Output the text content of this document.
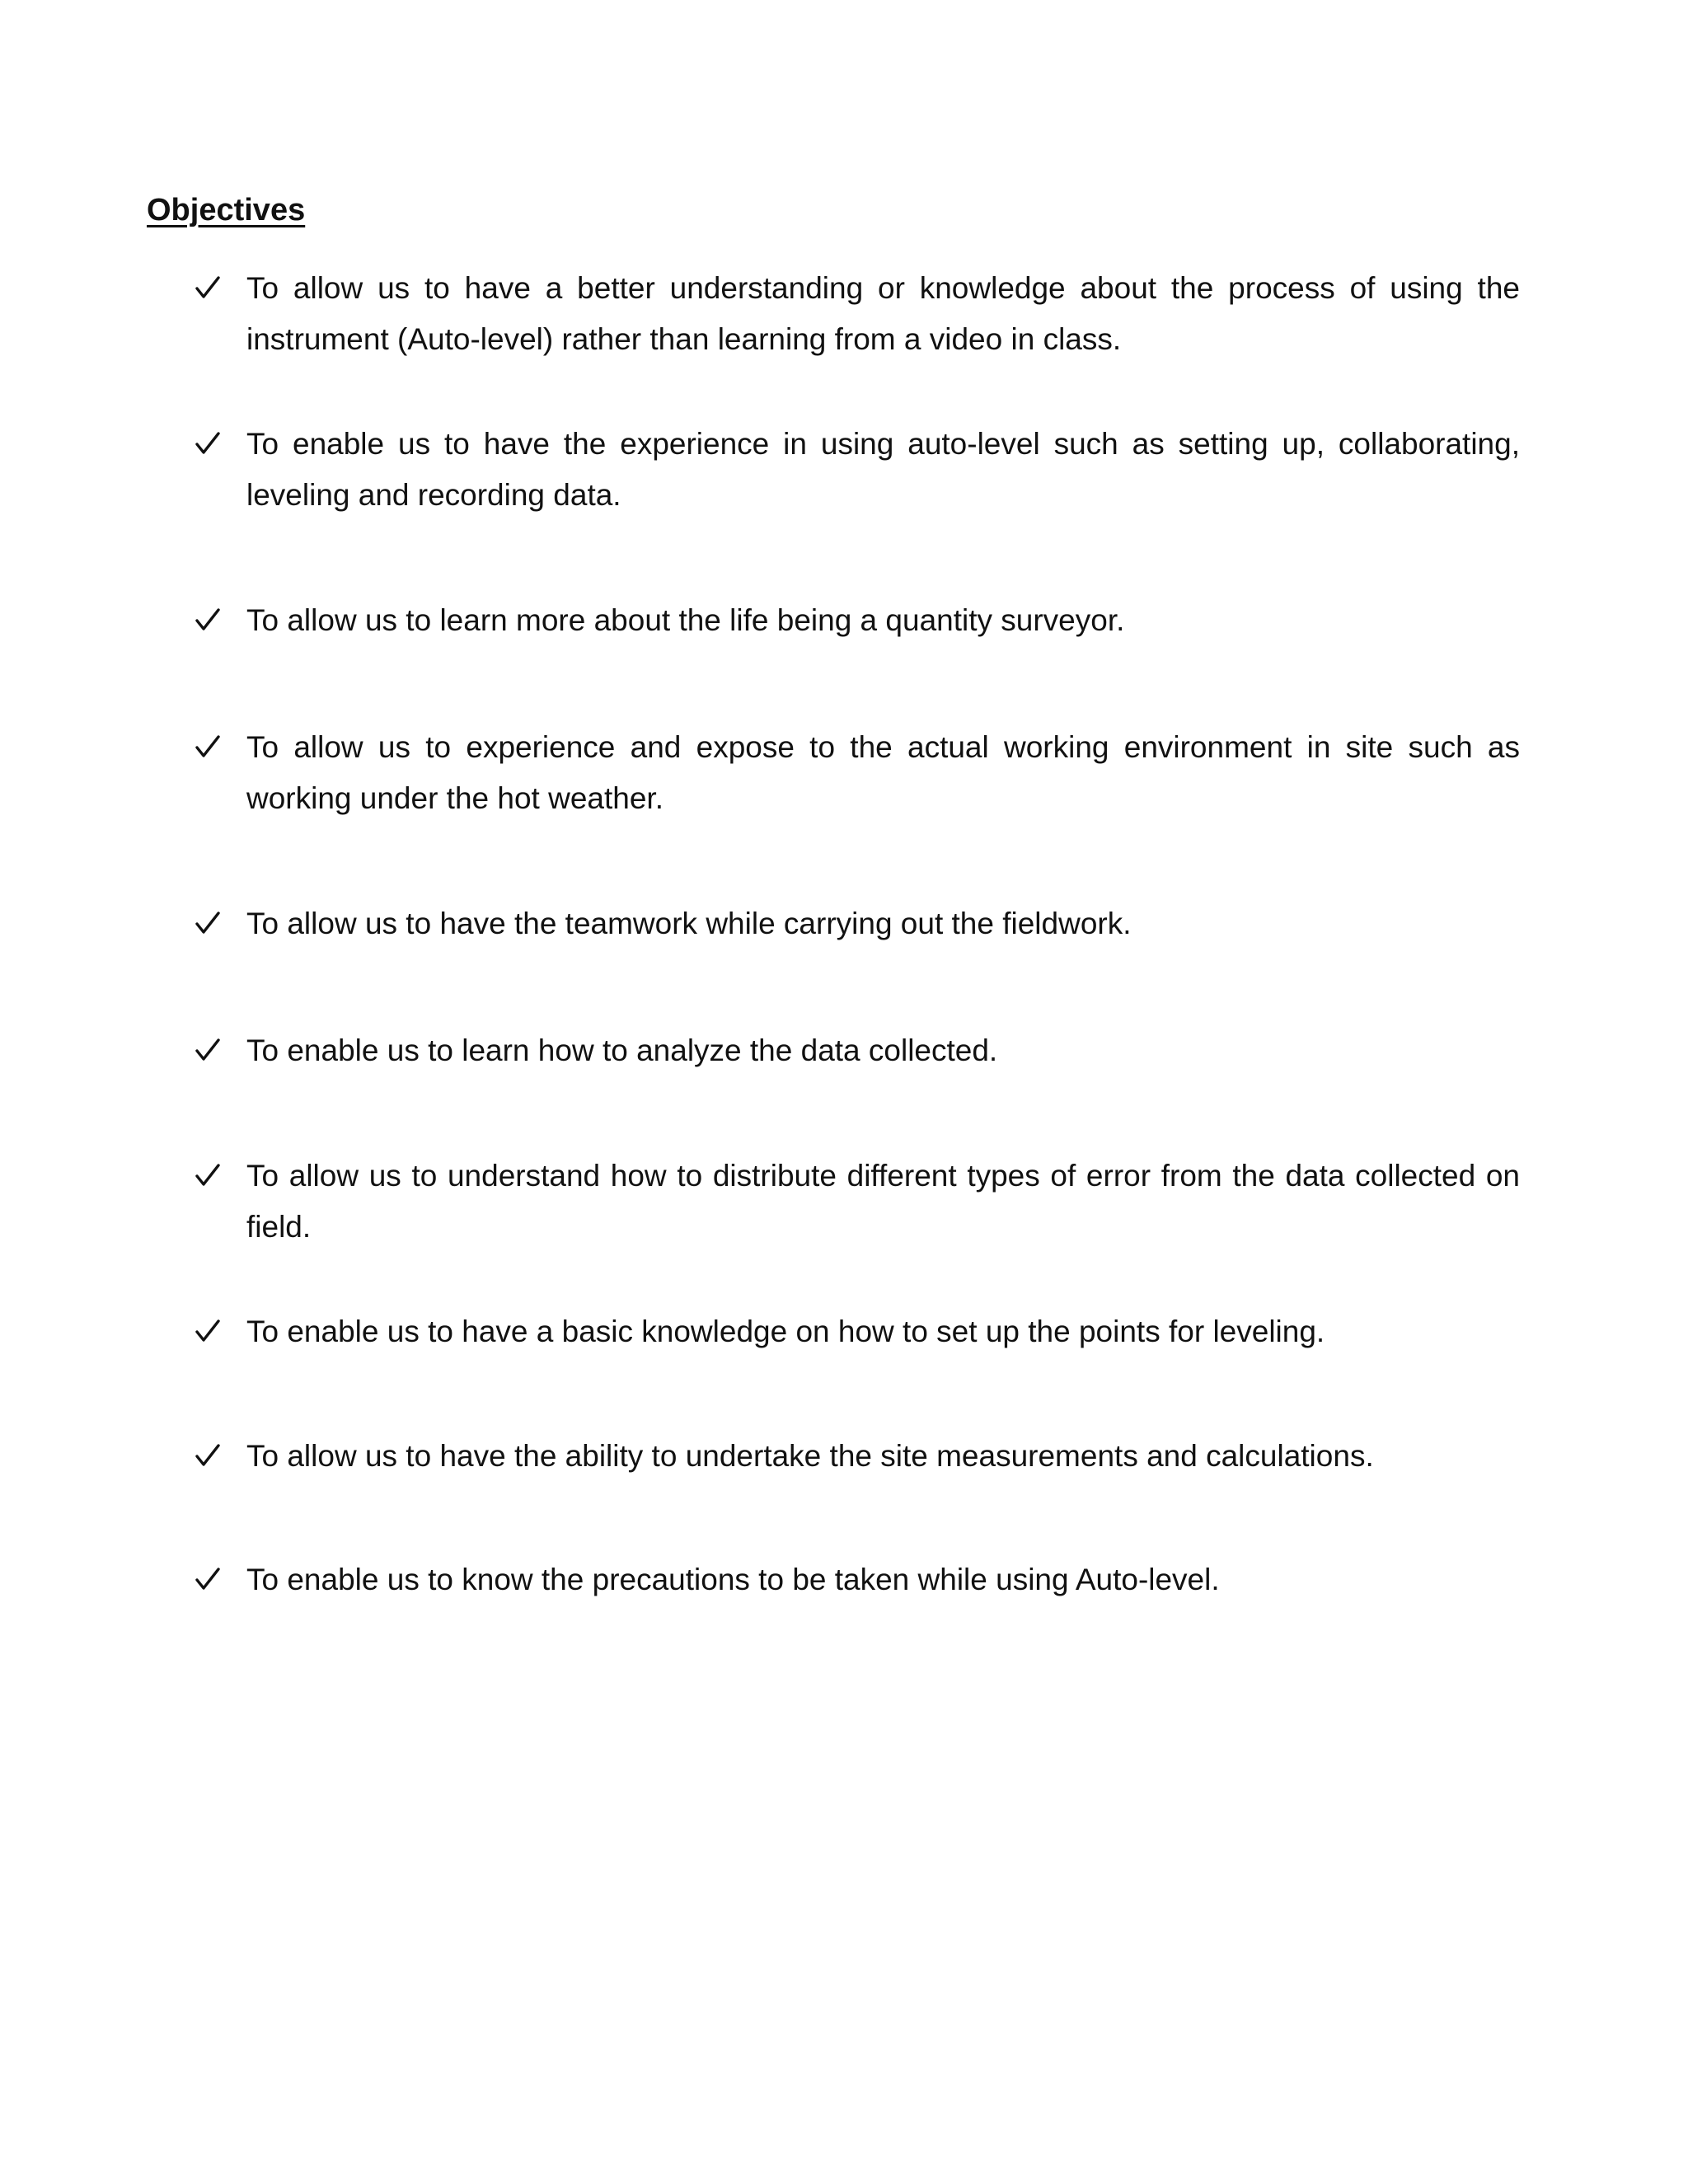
Objectives
To allow us to have a better understanding or knowledge about the process of using the instrument (Auto-level) rather than learning from a video in class.
To enable us to have the experience in using auto-level such as setting up, collaborating, leveling and recording data.
To allow us to learn more about the life being a quantity surveyor.
To allow us to experience and expose to the actual working environment in site such as working under the hot weather.
To allow us to have the teamwork while carrying out the fieldwork.
To enable us to learn how to analyze the data collected.
To allow us to understand how to distribute different types of error from the data collected on field.
To enable us to have a basic knowledge on how to set up the points for leveling.
To allow us to have the ability to undertake the site measurements and calculations.
To enable us to know the precautions to be taken while using Auto-level.
